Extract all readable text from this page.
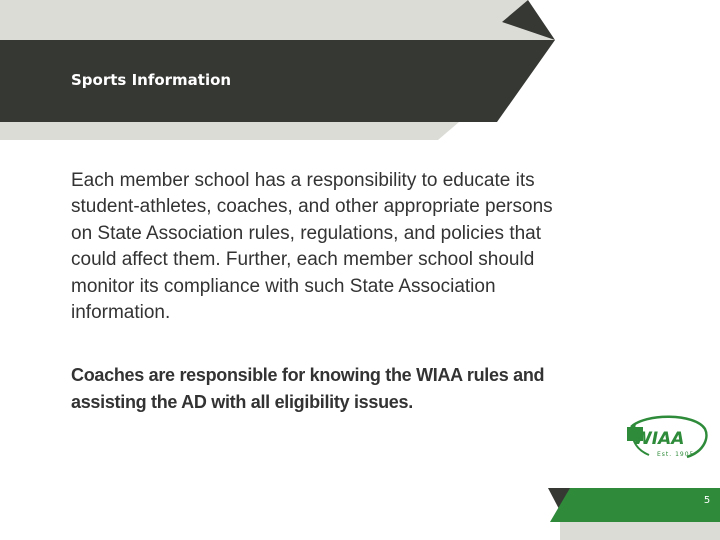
Sports Information

Each member school has a responsibility to educate its student-athletes, coaches, and other appropriate persons on State Association rules, regulations, and policies that could affect them. Further, each member school should monitor its compliance with such State Association information.

Coaches are responsible for knowing the WIAA rules and assisting the AD with all eligibility issues.

WIAA
Est. 1905
5
